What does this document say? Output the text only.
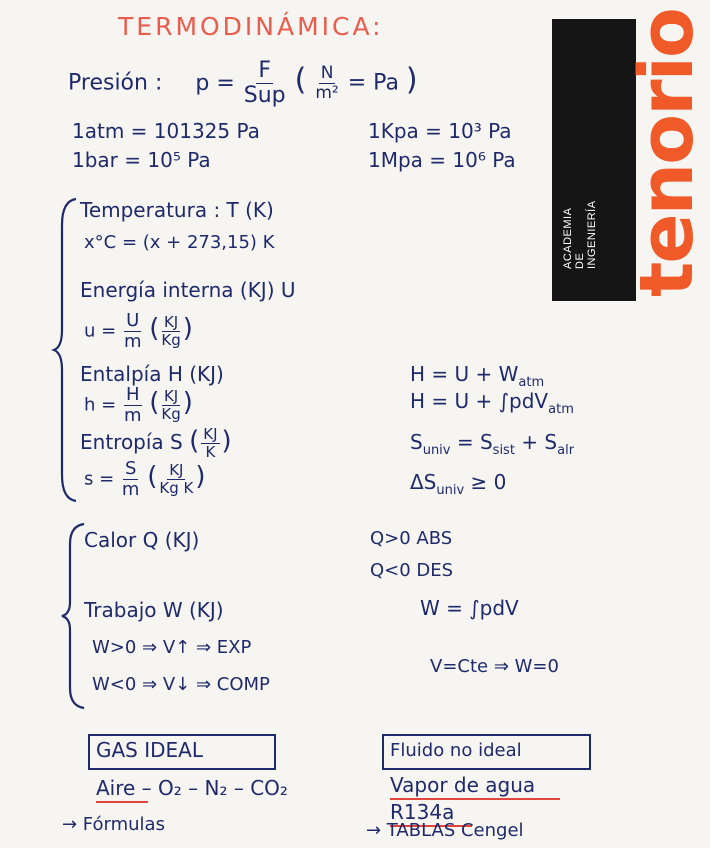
TERMODINÁMICA:	tenorio
ACADEMIA DE INGENIERÍA
Presión : $p = \frac{F}{\text{Sup}}$ ( $\frac{N}{\text{m²}} = Pa$ )
1atm = 101325 Pa
1bar = 10⁵ Pa
1Kpa = 10³ Pa
1Mpa = 10⁶ Pa
Temperatura : T (K)
x°C = (x + 273,15) K
Energía interna (KJ) U
$u = \frac{U}{m}$ ( $\frac{KJ}{Kg}$ )
Entalpía H (KJ)
$h = \frac{H}{m}$ ( $\frac{KJ}{Kg}$ )
$H = U + W_{atm}$
H = U + ∫pdV$_{atm}$
Entropía S ( $\frac{KJ}{K}$ )
$s = \frac{S}{m}$ ( $\frac{KJ}{\text{Kg K}}$ )
$S_{univ} = S_{sist} + S_{alr}$
$\Delta S_{univ} \ge 0$
Calor Q (KJ)	Q>0 ABS
Q<0 DES
Trabajo W (KJ)	W = ∫pdV
W>0 ⇒ V↑ ⇒ EXP
W<0 ⇒ V↓ ⇒ COMP
V=Cte ⇒ W=0
GAS IDEAL
Aire – O₂ – N₂ – CO₂
→ Fórmulas
Fluido no ideal
Vapor de agua
R134a
→ TABLAS Cengel
